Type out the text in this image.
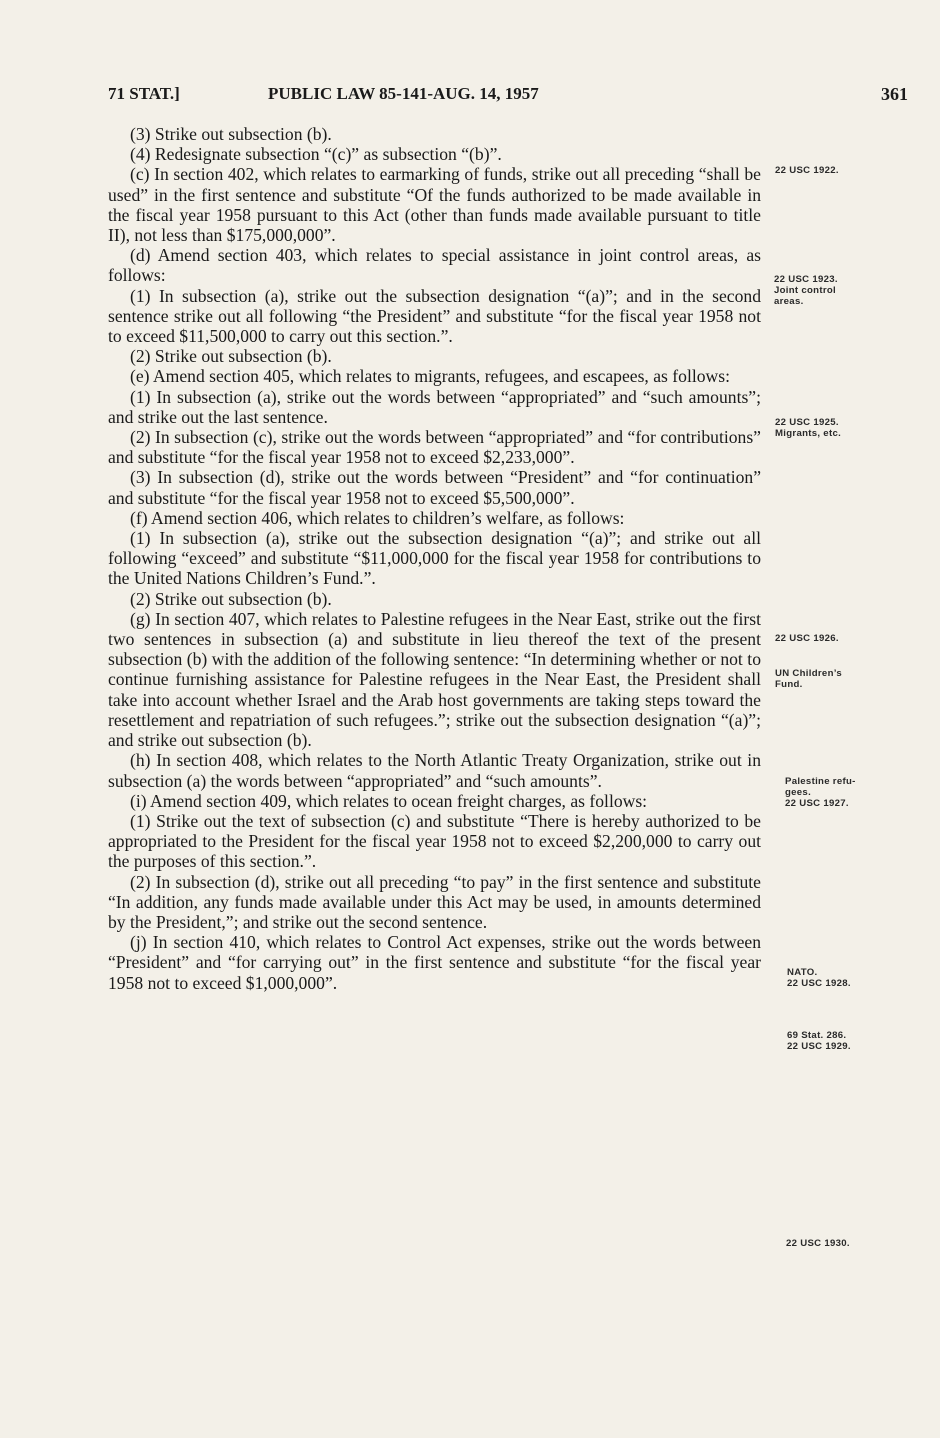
71 STAT.]	PUBLIC LAW 85-141-AUG. 14, 1957	361

(3) Strike out subsection (b).

(4) Redesignate subsection “(c)” as subsection “(b)”.

(c) In section 402, which relates to earmarking of funds, strike out all preceding “shall be used” in the first sentence and substitute “Of the funds authorized to be made available in the fiscal year 1958 pursuant to this Act (other than funds made available pursuant to title II), not less than $175,000,000”.

(d) Amend section 403, which relates to special assistance in joint control areas, as follows:

(1) In subsection (a), strike out the subsection designation “(a)”; and in the second sentence strike out all following “the President” and substitute “for the fiscal year 1958 not to exceed $11,500,000 to carry out this section.”.

(2) Strike out subsection (b).

(e) Amend section 405, which relates to migrants, refugees, and escapees, as follows:

(1) In subsection (a), strike out the words between “appropriated” and “such amounts”; and strike out the last sentence.

(2) In subsection (c), strike out the words between “appropriated” and “for contributions” and substitute “for the fiscal year 1958 not to exceed $2,233,000”.

(3) In subsection (d), strike out the words between “President” and “for continuation” and substitute “for the fiscal year 1958 not to exceed $5,500,000”.

(f) Amend section 406, which relates to children’s welfare, as follows:

(1) In subsection (a), strike out the subsection designation “(a)”; and strike out all following “exceed” and substitute “$11,000,000 for the fiscal year 1958 for contributions to the United Nations Children’s Fund.”.

(2) Strike out subsection (b).

(g) In section 407, which relates to Palestine refugees in the Near East, strike out the first two sentences in subsection (a) and substitute in lieu thereof the text of the present subsection (b) with the addition of the following sentence: “In determining whether or not to continue furnishing assistance for Palestine refugees in the Near East, the President shall take into account whether Israel and the Arab host governments are taking steps toward the resettlement and repatriation of such refugees.”; strike out the subsection designation “(a)”; and strike out subsection (b).

(h) In section 408, which relates to the North Atlantic Treaty Organization, strike out in subsection (a) the words between “appropriated” and “such amounts”.

(i) Amend section 409, which relates to ocean freight charges, as follows:

(1) Strike out the text of subsection (c) and substitute “There is hereby authorized to be appropriated to the President for the fiscal year 1958 not to exceed $2,200,000 to carry out the purposes of this section.”.

(2) In subsection (d), strike out all preceding “to pay” in the first sentence and substitute “In addition, any funds made available under this Act may be used, in amounts determined by the President,”; and strike out the second sentence.

(j) In section 410, which relates to Control Act expenses, strike out the words between “President” and “for carrying out” in the first sentence and substitute “for the fiscal year 1958 not to exceed $1,000,000”.

22 USC 1922.
22 USC 1923.
Joint control
areas.
22 USC 1925.
Migrants, etc.
22 USC 1926.
UN Children’s
Fund.
Palestine refu-
gees.
22 USC 1927.
NATO.
22 USC 1928.
69 Stat. 286.
22 USC 1929.
22 USC 1930.
